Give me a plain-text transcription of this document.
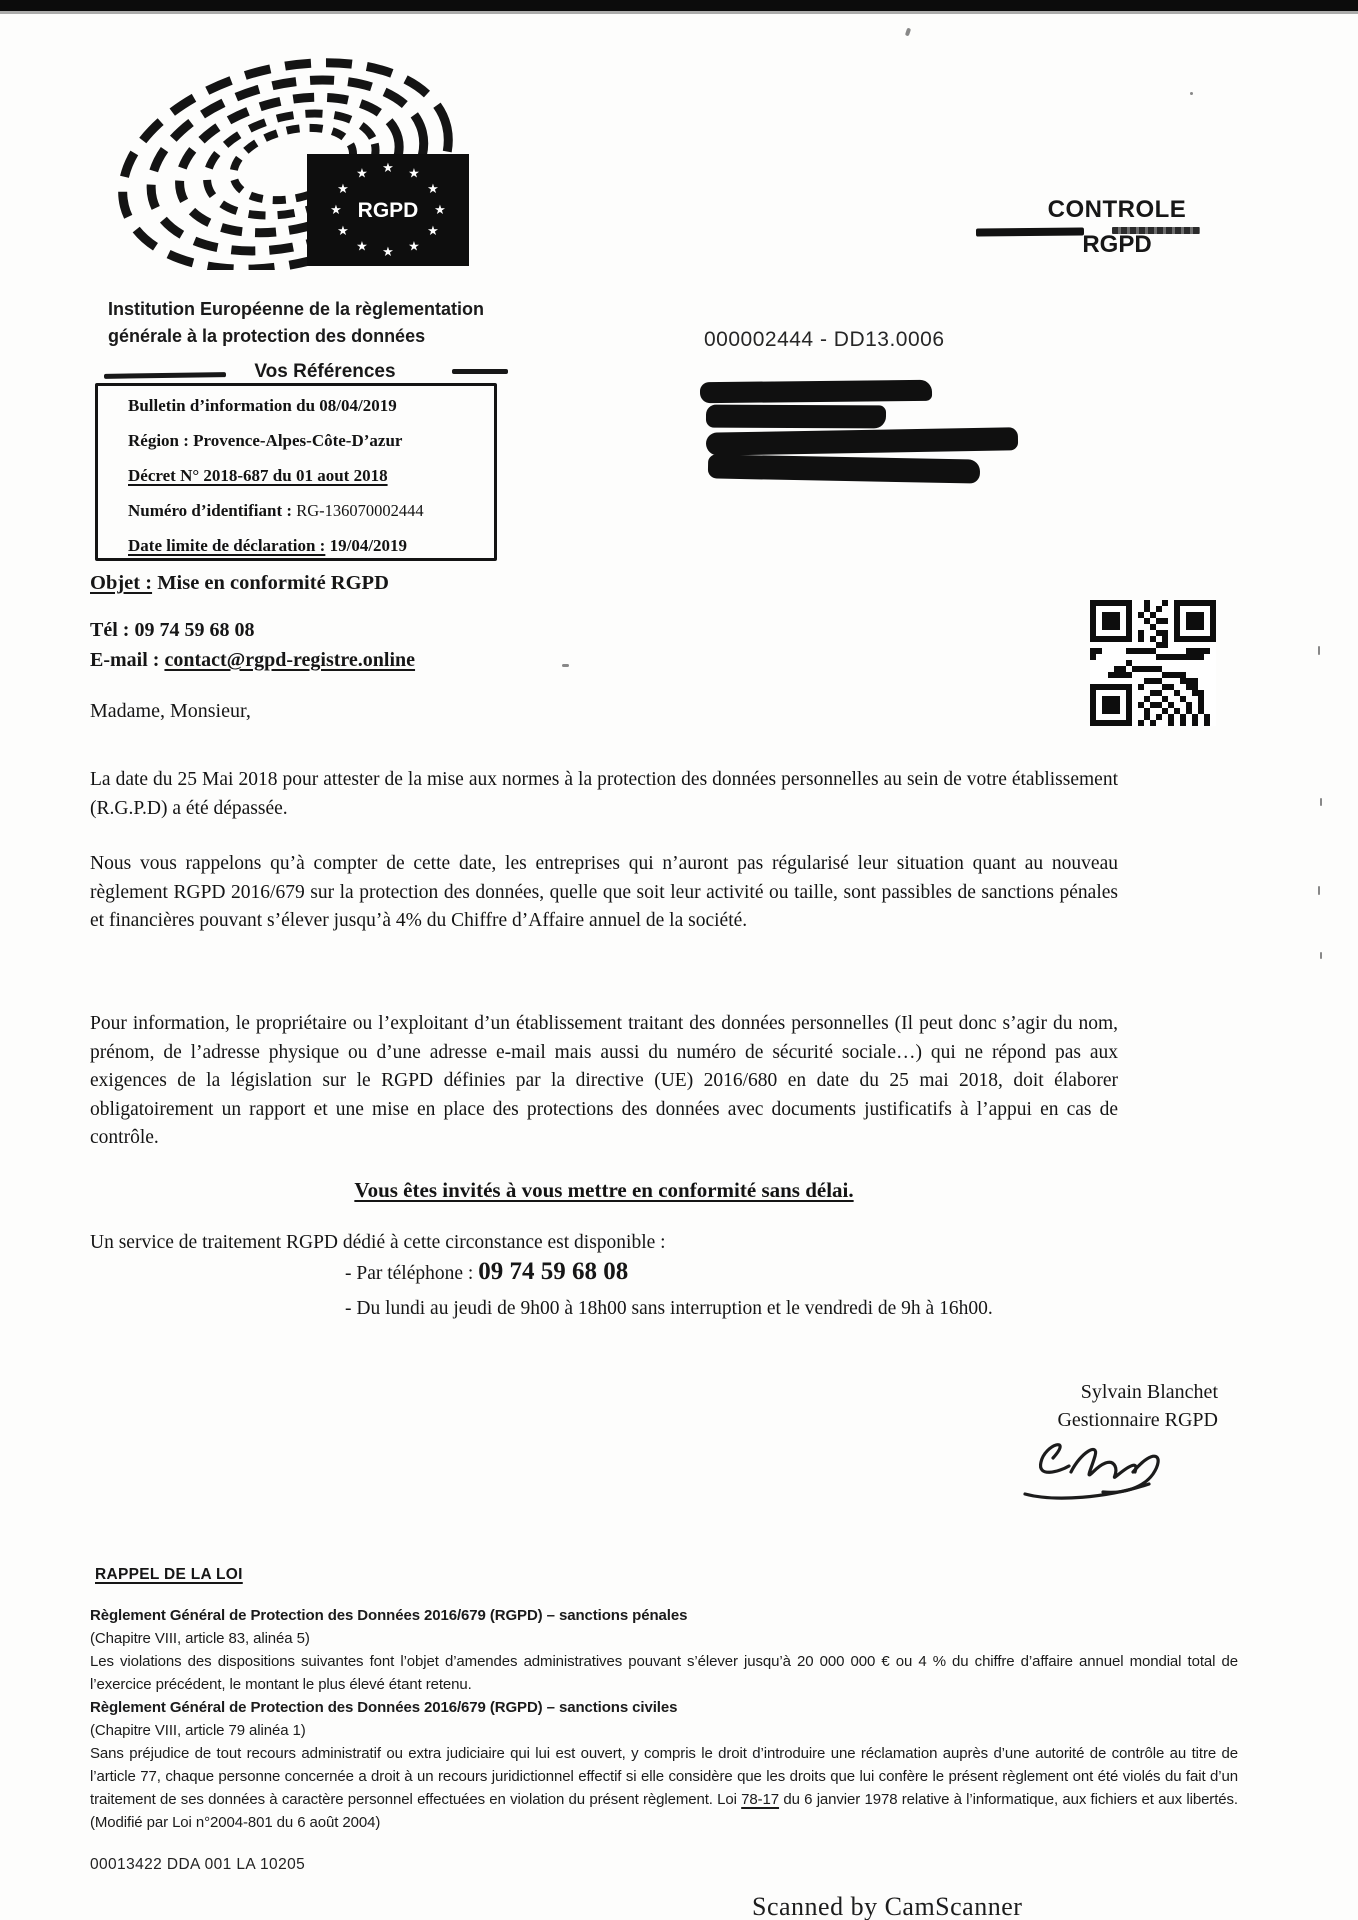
★
★
★
★
★
★
★
★
★ ★ ★
★
RGPD	CONTROLE
RGPD
Institution Européenne de la règlementation
générale à la protection des données	000002444 - DD13.0006
Vos Références
Bulletin d’information du 08/04/2019
Région : Provence-Alpes-Côte-D’azur
Décret N° 2018-687 du 01 aout 2018
Numéro d’identifiant : RG-136070002444
Date limite de déclaration : 19/04/2019
Objet : Mise en conformité RGPD
Tél : 09 74 59 68 08
E-mail : contact@rgpd-registre.online
Madame, Monsieur,
La date du 25 Mai 2018 pour attester de la mise aux normes à la protection des données personnelles au sein de votre établissement (R.G.P.D) a été dépassée.
Nous vous rappelons qu’à compter de cette date, les entreprises qui n’auront pas régularisé leur situation quant au nouveau règlement RGPD 2016/679 sur la protection des données, quelle que soit leur activité ou taille, sont passibles de sanctions pénales et financières pouvant s’élever jusqu’à 4% du Chiffre d’Affaire annuel de la société.
Pour information, le propriétaire ou l’exploitant d’un établissement traitant des données personnelles (Il peut donc s’agir du nom, prénom, de l’adresse physique ou d’une adresse e-mail mais aussi du numéro de sécurité sociale…) qui ne répond pas aux exigences de la législation sur le RGPD définies par la directive (UE) 2016/680 en date du 25 mai 2018, doit élaborer obligatoirement un rapport et une mise en place des protections des données avec documents justificatifs à l’appui en cas de contrôle.
Vous êtes invités à vous mettre en conformité sans délai.
Un service de traitement RGPD dédié à cette circonstance est disponible :
- Par téléphone : 09 74 59 68 08
- Du lundi au jeudi de 9h00 à 18h00 sans interruption et le vendredi de 9h à 16h00.
Sylvain Blanchet
Gestionnaire RGPD
RAPPEL DE LA LOI
Règlement Général de Protection des Données 2016/679 (RGPD) – sanctions pénales
(Chapitre VIII, article 83, alinéa 5)
Les violations des dispositions suivantes font l’objet d’amendes administratives pouvant s’élever jusqu’à 20 000 000 € ou 4 % du chiffre d’affaire annuel mondial total de l’exercice précédent, le montant le plus élevé étant retenu.
Règlement Général de Protection des Données 2016/679 (RGPD) – sanctions civiles
(Chapitre VIII, article 79 alinéa 1)
Sans préjudice de tout recours administratif ou extra judiciaire qui lui est ouvert, y compris le droit d’introduire une réclamation auprès d’une autorité de contrôle au titre de l’article 77, chaque personne concernée a droit à un recours juridictionnel effectif si elle considère que les droits que lui confère le présent règlement ont été violés du fait d’un traitement de ses données à caractère personnel effectuées en violation du présent règlement. Loi 78-17 du 6 janvier 1978 relative à l’informatique, aux fichiers et aux libertés. (Modifié par Loi n°2004-801 du 6 août 2004)
00013422 DDA 001 LA 10205
Scanned by CamScanner
